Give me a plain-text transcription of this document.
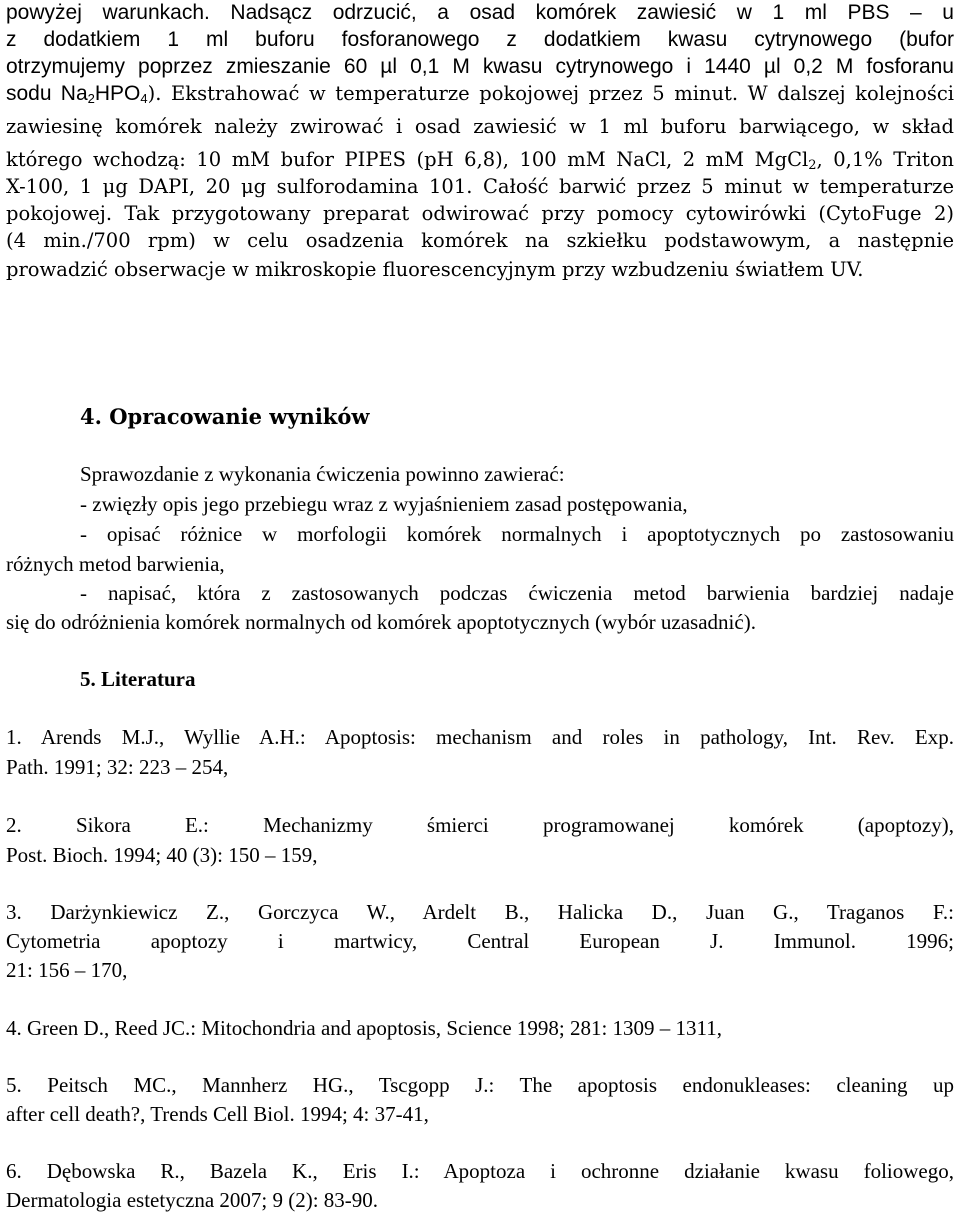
powyżej warunkach. Nadsącz odrzucić, a osad komórek zawiesić w 1 ml PBS – u
z dodatkiem 1 ml buforu fosforanowego z dodatkiem kwasu cytrynowego (bufor
otrzymujemy poprzez zmieszanie 60 µl 0,1 M kwasu cytrynowego i 1440 µl 0,2 M fosforanu
sodu $Na_2HPO_4$). Ekstrahować w temperaturze pokojowej przez 5 minut. W dalszej kolejności
zawiesinę komórek należy zwirować i osad zawiesić w 1 ml buforu barwiącego, w skład
którego wchodzą: 10 mM bufor PIPES (pH 6,8), 100 mM NaCl, 2 mM MgCl$_2$, 0,1% Triton
X-100, 1 μg DAPI, 20 μg sulforodamina 101. Całość barwić przez 5 minut w temperaturze
pokojowej. Tak przygotowany preparat odwirować przy pomocy cytowirówki (CytoFuge 2)
(4 min./700 rpm) w celu osadzenia komórek na szkiełku podstawowym, a następnie
prowadzić obserwacje w mikroskopie fluorescencyjnym przy wzbudzeniu światłem UV.
4. Opracowanie wyników
Sprawozdanie z wykonania ćwiczenia powinno zawierać:
- zwięzły opis jego przebiegu wraz z wyjaśnieniem zasad postępowania,
- opisać różnice w morfologii komórek normalnych i apoptotycznych po zastosowaniu
różnych metod barwienia,
- napisać, która z zastosowanych podczas ćwiczenia metod barwienia bardziej nadaje
się do odróżnienia komórek normalnych od komórek apoptotycznych (wybór uzasadnić).
5. Literatura
1. Arends M.J., Wyllie A.H.: Apoptosis: mechanism and roles in pathology, Int. Rev. Exp.
Path. 1991; 32: 223 – 254,
2. Sikora E.: Mechanizmy śmierci programowanej komórek (apoptozy),
Post. Bioch. 1994; 40 (3): 150 – 159,
3. Darżynkiewicz Z., Gorczyca W., Ardelt B., Halicka D., Juan G., Traganos F.:
Cytometria apoptozy i martwicy, Central European J. Immunol. 1996;
21: 156 – 170,
4. Green D., Reed JC.: Mitochondria and apoptosis, Science 1998; 281: 1309 – 1311,
5. Peitsch MC., Mannherz HG., Tscgopp J.: The apoptosis endonukleases: cleaning up
after cell death?, Trends Cell Biol. 1994; 4: 37-41,
6. Dębowska R., Bazela K., Eris I.: Apoptoza i ochronne działanie kwasu foliowego,
Dermatologia estetyczna 2007; 9 (2): 83-90.
